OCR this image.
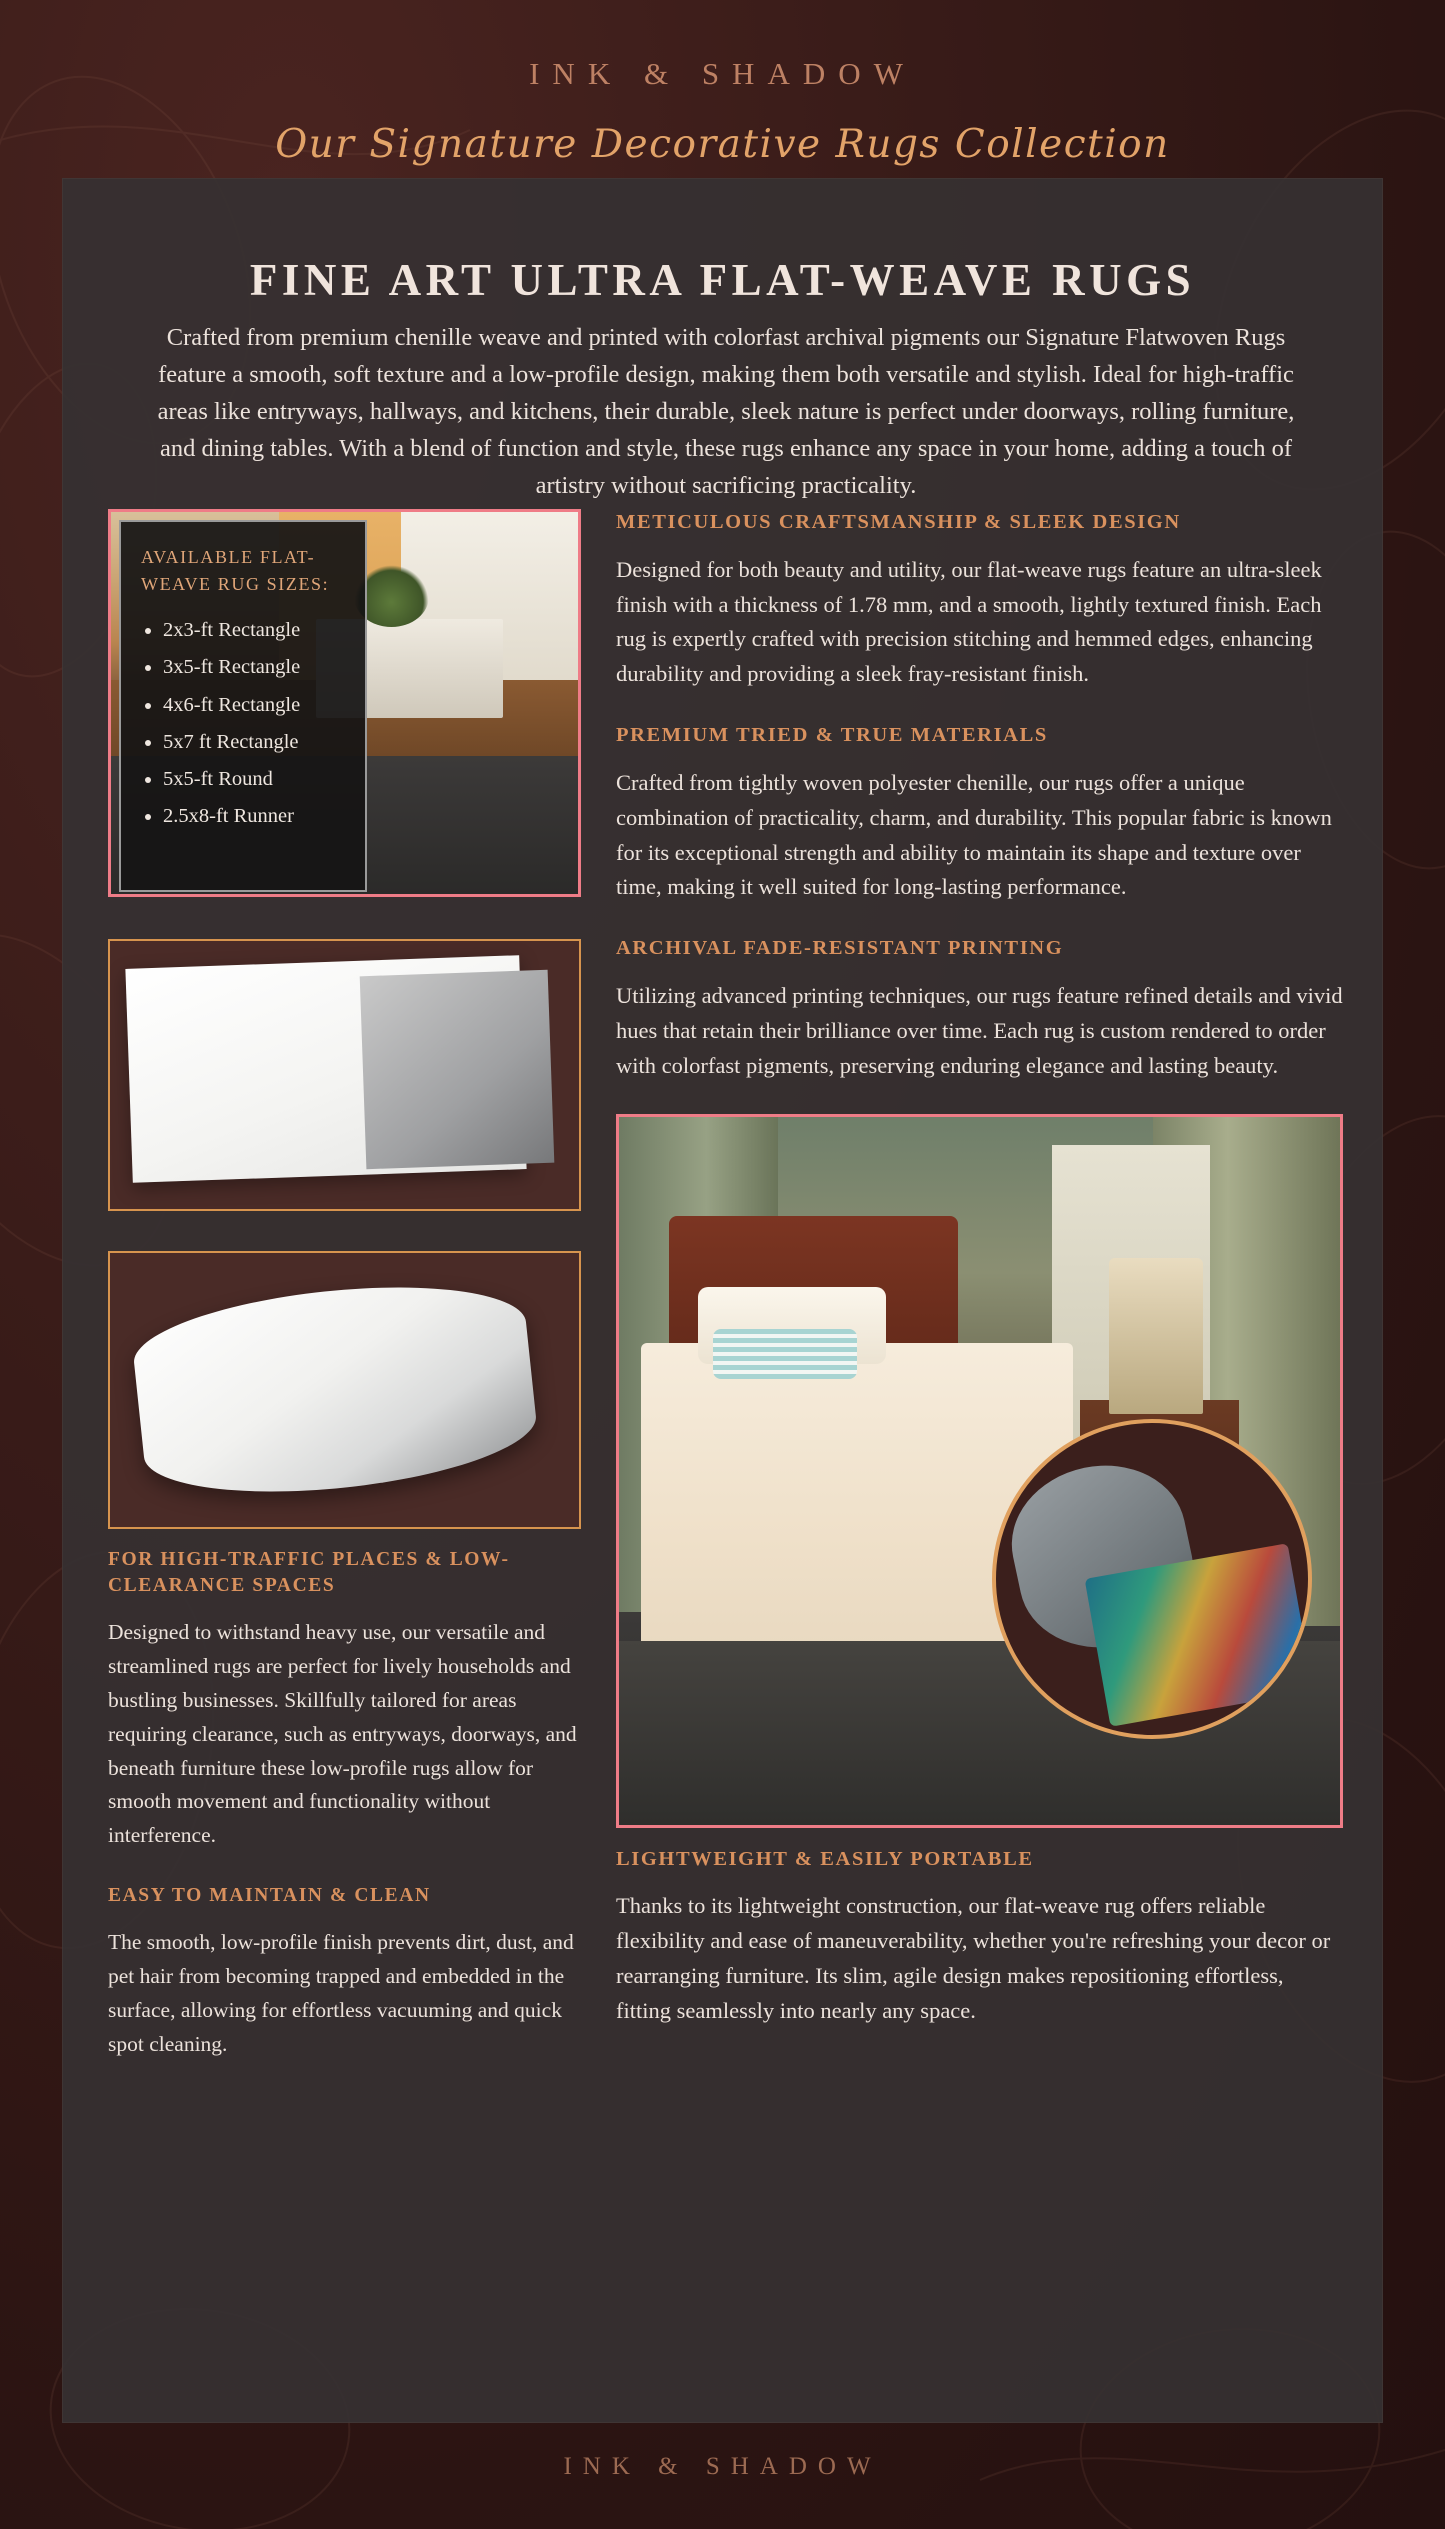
INK & SHADOW
Our Signature Decorative Rugs Collection
FINE ART ULTRA FLAT-WEAVE RUGS

Crafted from premium chenille weave and printed with colorfast archival pigments our Signature Flatwoven Rugs feature a smooth, soft texture and a low-profile design, making them both versatile and stylish. Ideal for high-traffic areas like entryways, hallways, and kitchens, their durable, sleek nature is perfect under doorways, rolling furniture, and dining tables. With a blend of function and style, these rugs enhance any space in your home, adding a touch of artistry without sacrificing practicality.

AVAILABLE FLAT-WEAVE RUG SIZES:
• 2x3-ft Rectangle
• 3x5-ft Rectangle
• 4x6-ft Rectangle
• 5x7 ft Rectangle
• 5x5-ft Round
• 2.5x8-ft Runner
FOR HIGH-TRAFFIC PLACES & LOW-CLEARANCE SPACES

Designed to withstand heavy use, our versatile and streamlined rugs are perfect for lively households and bustling businesses. Skillfully tailored for areas requiring clearance, such as entryways, doorways, and beneath furniture these low-profile rugs allow for smooth movement and functionality without interference.

EASY TO MAINTAIN & CLEAN

The smooth, low-profile finish prevents dirt, dust, and pet hair from becoming trapped and embedded in the surface, allowing for effortless vacuuming and quick spot cleaning.

METICULOUS CRAFTSMANSHIP & SLEEK DESIGN

Designed for both beauty and utility, our flat-weave rugs feature an ultra-sleek finish with a thickness of 1.78 mm, and a smooth, lightly textured finish. Each rug is expertly crafted with precision stitching and hemmed edges, enhancing durability and providing a sleek fray-resistant finish.

PREMIUM TRIED & TRUE MATERIALS

Crafted from tightly woven polyester chenille, our rugs offer a unique combination of practicality, charm, and durability. This popular fabric is known for its exceptional strength and ability to maintain its shape and texture over time, making it well suited for long-lasting performance.

ARCHIVAL FADE-RESISTANT PRINTING

Utilizing advanced printing techniques, our rugs feature refined details and vivid hues that retain their brilliance over time. Each rug is custom rendered to order with colorfast pigments, preserving enduring elegance and lasting beauty.

LIGHTWEIGHT & EASILY PORTABLE

Thanks to its lightweight construction, our flat-weave rug offers reliable flexibility and ease of maneuverability, whether you're refreshing your decor or rearranging furniture. Its slim, agile design makes repositioning effortless, fitting seamlessly into nearly any space.

INK & SHADOW
